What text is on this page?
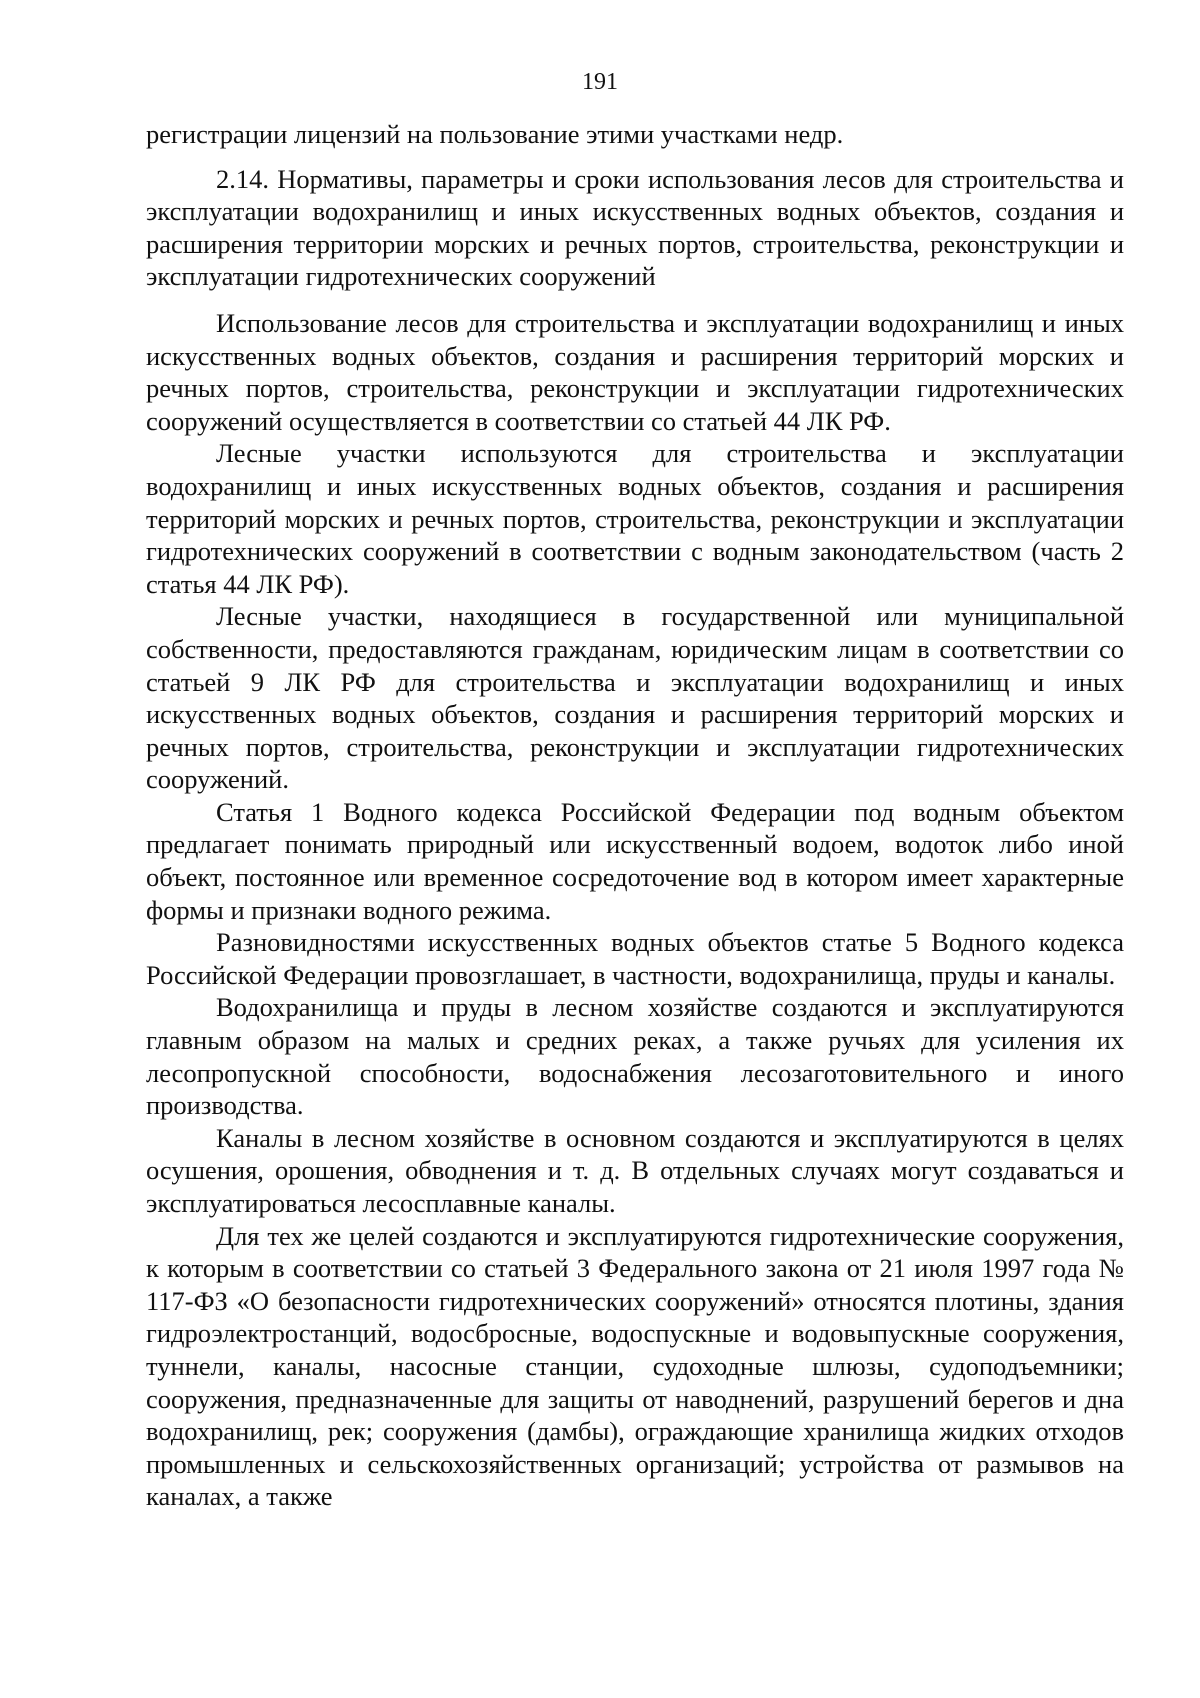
191

регистрации лицензий на пользование этими участками недр.

2.14. Нормативы, параметры и сроки использования лесов для строительства и эксплуатации водохранилищ и иных искусственных водных объектов, создания и расширения территории морских и речных портов, строительства, реконструкции и эксплуатации гидротехнических сооружений

Использование лесов для строительства и эксплуатации водохранилищ и иных искусственных водных объектов, создания и расширения территорий морских и речных портов, строительства, реконструкции и эксплуатации гидротехнических сооружений осуществляется в соответствии со статьей 44 ЛК РФ.

Лесные участки используются для строительства и эксплуатации водохранилищ и иных искусственных водных объектов, создания и расширения территорий морских и речных портов, строительства, реконструкции и эксплуатации гидротехнических сооружений в соответствии с водным законодательством (часть 2 статья 44 ЛК РФ).

Лесные участки, находящиеся в государственной или муниципальной собственности, предоставляются гражданам, юридическим лицам в соответствии со статьей 9 ЛК РФ для строительства и эксплуатации водохранилищ и иных искусственных водных объектов, создания и расширения территорий морских и речных портов, строительства, реконструкции и эксплуатации гидротехнических сооружений.

Статья 1 Водного кодекса Российской Федерации под водным объектом предлагает понимать природный или искусственный водоем, водоток либо иной объект, постоянное или временное сосредоточение вод в котором имеет характерные формы и признаки водного режима.

Разновидностями искусственных водных объектов статье 5 Водного кодекса Российской Федерации провозглашает, в частности, водохранилища, пруды и каналы.

Водохранилища и пруды в лесном хозяйстве создаются и эксплуатируются главным образом на малых и средних реках, а также ручьях для усиления их лесопропускной способности, водоснабжения лесозаготовительного и иного производства.

Каналы в лесном хозяйстве в основном создаются и эксплуатируются в целях осушения, орошения, обводнения и т. д. В отдельных случаях могут создаваться и эксплуатироваться лесосплавные каналы.

Для тех же целей создаются и эксплуатируются гидротехнические сооружения, к которым в соответствии со статьей 3 Федерального закона от 21 июля 1997 года № 117-ФЗ «О безопасности гидротехнических сооружений» относятся плотины, здания гидроэлектростанций, водосбросные, водоспускные и водовыпускные сооружения, туннели, каналы, насосные станции, судоходные шлюзы, судоподъемники; сооружения, предназначенные для защиты от наводнений, разрушений берегов и дна водохранилищ, рек; сооружения (дамбы), ограждающие хранилища жидких отходов промышленных и сельскохозяйственных организаций; устройства от размывов на каналах, а также
